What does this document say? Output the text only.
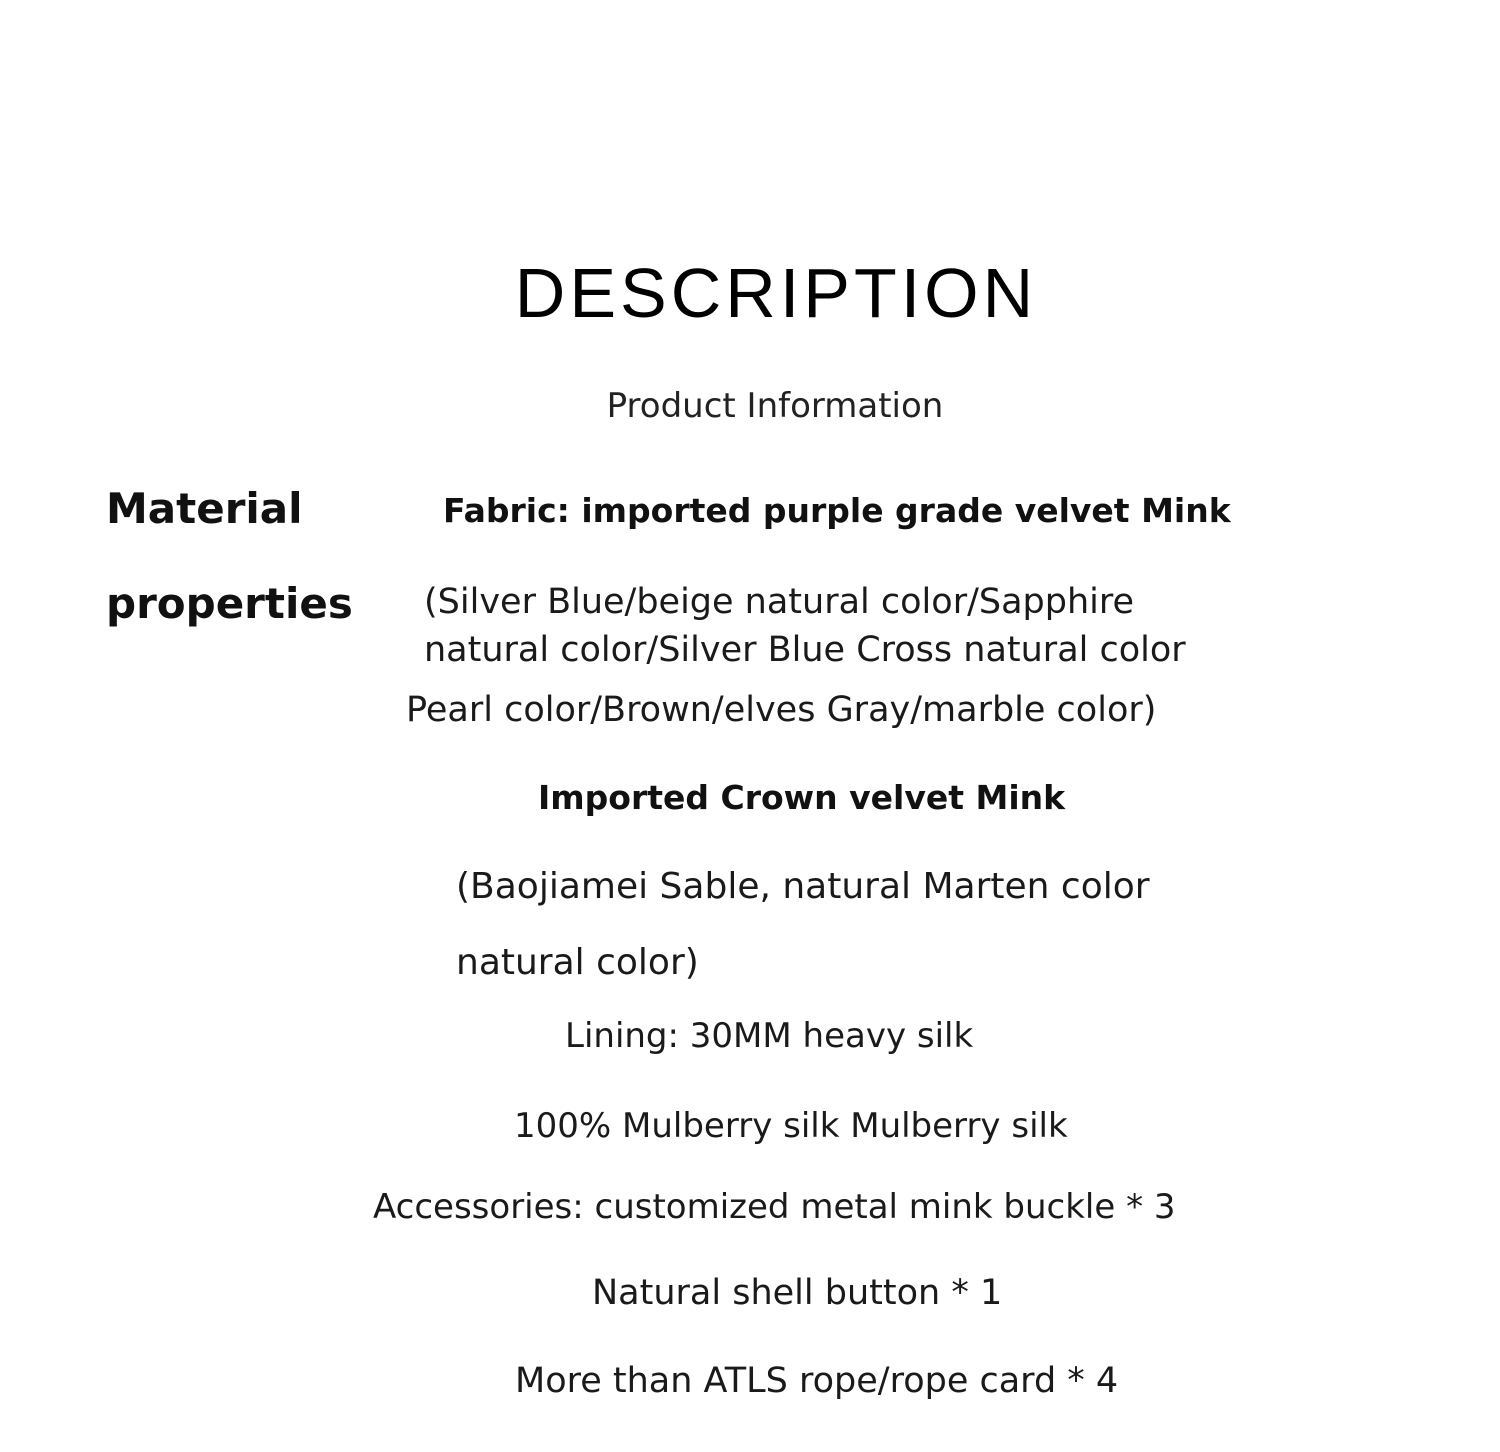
DESCRIPTION
Product Information
Material
properties
Fabric: imported purple grade velvet Mink
(Silver Blue/beige natural color/Sapphire
natural color/Silver Blue Cross natural color
Pearl color/Brown/elves Gray/marble color)
Imported Crown velvet Mink
(Baojiamei Sable, natural Marten color
natural color)
Lining: 30MM heavy silk
100% Mulberry silk Mulberry silk
Accessories: customized metal mink buckle * 3
Natural shell button * 1
More than ATLS rope/rope card * 4
